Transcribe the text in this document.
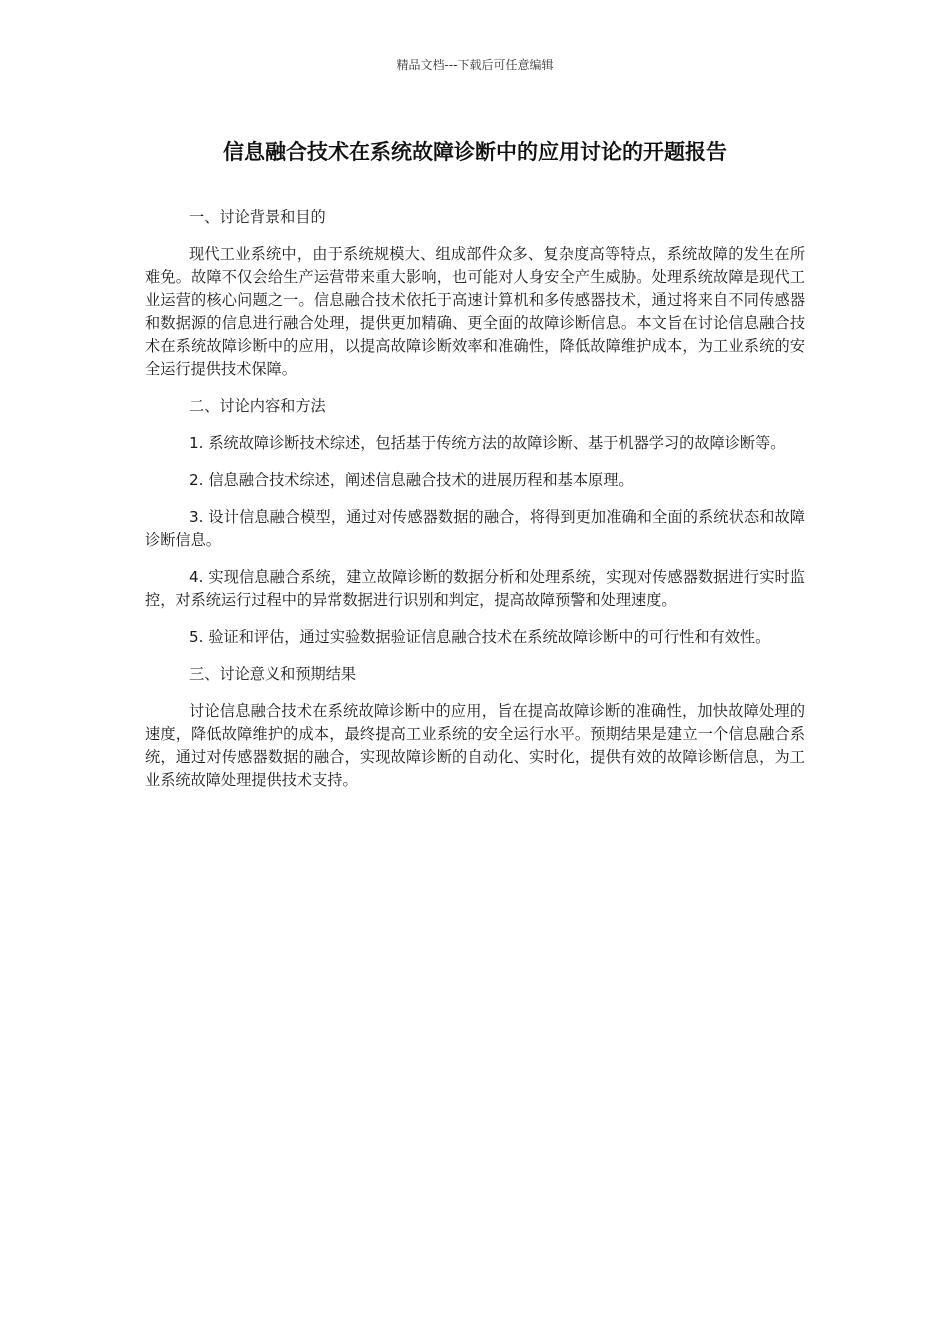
精品文档---下载后可任意编辑
信息融合技术在系统故障诊断中的应用讨论的开题报告

一、讨论背景和目的

现代工业系统中，由于系统规模大、组成部件众多、复杂度高等特点，系统故障的发生在所难免。故障不仅会给生产运营带来重大影响，也可能对人身安全产生威胁。处理系统故障是现代工业运营的核心问题之一。信息融合技术依托于高速计算机和多传感器技术，通过将来自不同传感器和数据源的信息进行融合处理，提供更加精确、更全面的故障诊断信息。本文旨在讨论信息融合技术在系统故障诊断中的应用，以提高故障诊断效率和准确性，降低故障维护成本，为工业系统的安全运行提供技术保障。

二、讨论内容和方法

1. 系统故障诊断技术综述，包括基于传统方法的故障诊断、基于机器学习的故障诊断等。

2. 信息融合技术综述，阐述信息融合技术的进展历程和基本原理。

3. 设计信息融合模型，通过对传感器数据的融合，将得到更加准确和全面的系统状态和故障诊断信息。

4. 实现信息融合系统，建立故障诊断的数据分析和处理系统，实现对传感器数据进行实时监控，对系统运行过程中的异常数据进行识别和判定，提高故障预警和处理速度。

5. 验证和评估，通过实验数据验证信息融合技术在系统故障诊断中的可行性和有效性。

三、讨论意义和预期结果

讨论信息融合技术在系统故障诊断中的应用，旨在提高故障诊断的准确性，加快故障处理的速度，降低故障维护的成本，最终提高工业系统的安全运行水平。预期结果是建立一个信息融合系统，通过对传感器数据的融合，实现故障诊断的自动化、实时化，提供有效的故障诊断信息，为工业系统故障处理提供技术支持。
